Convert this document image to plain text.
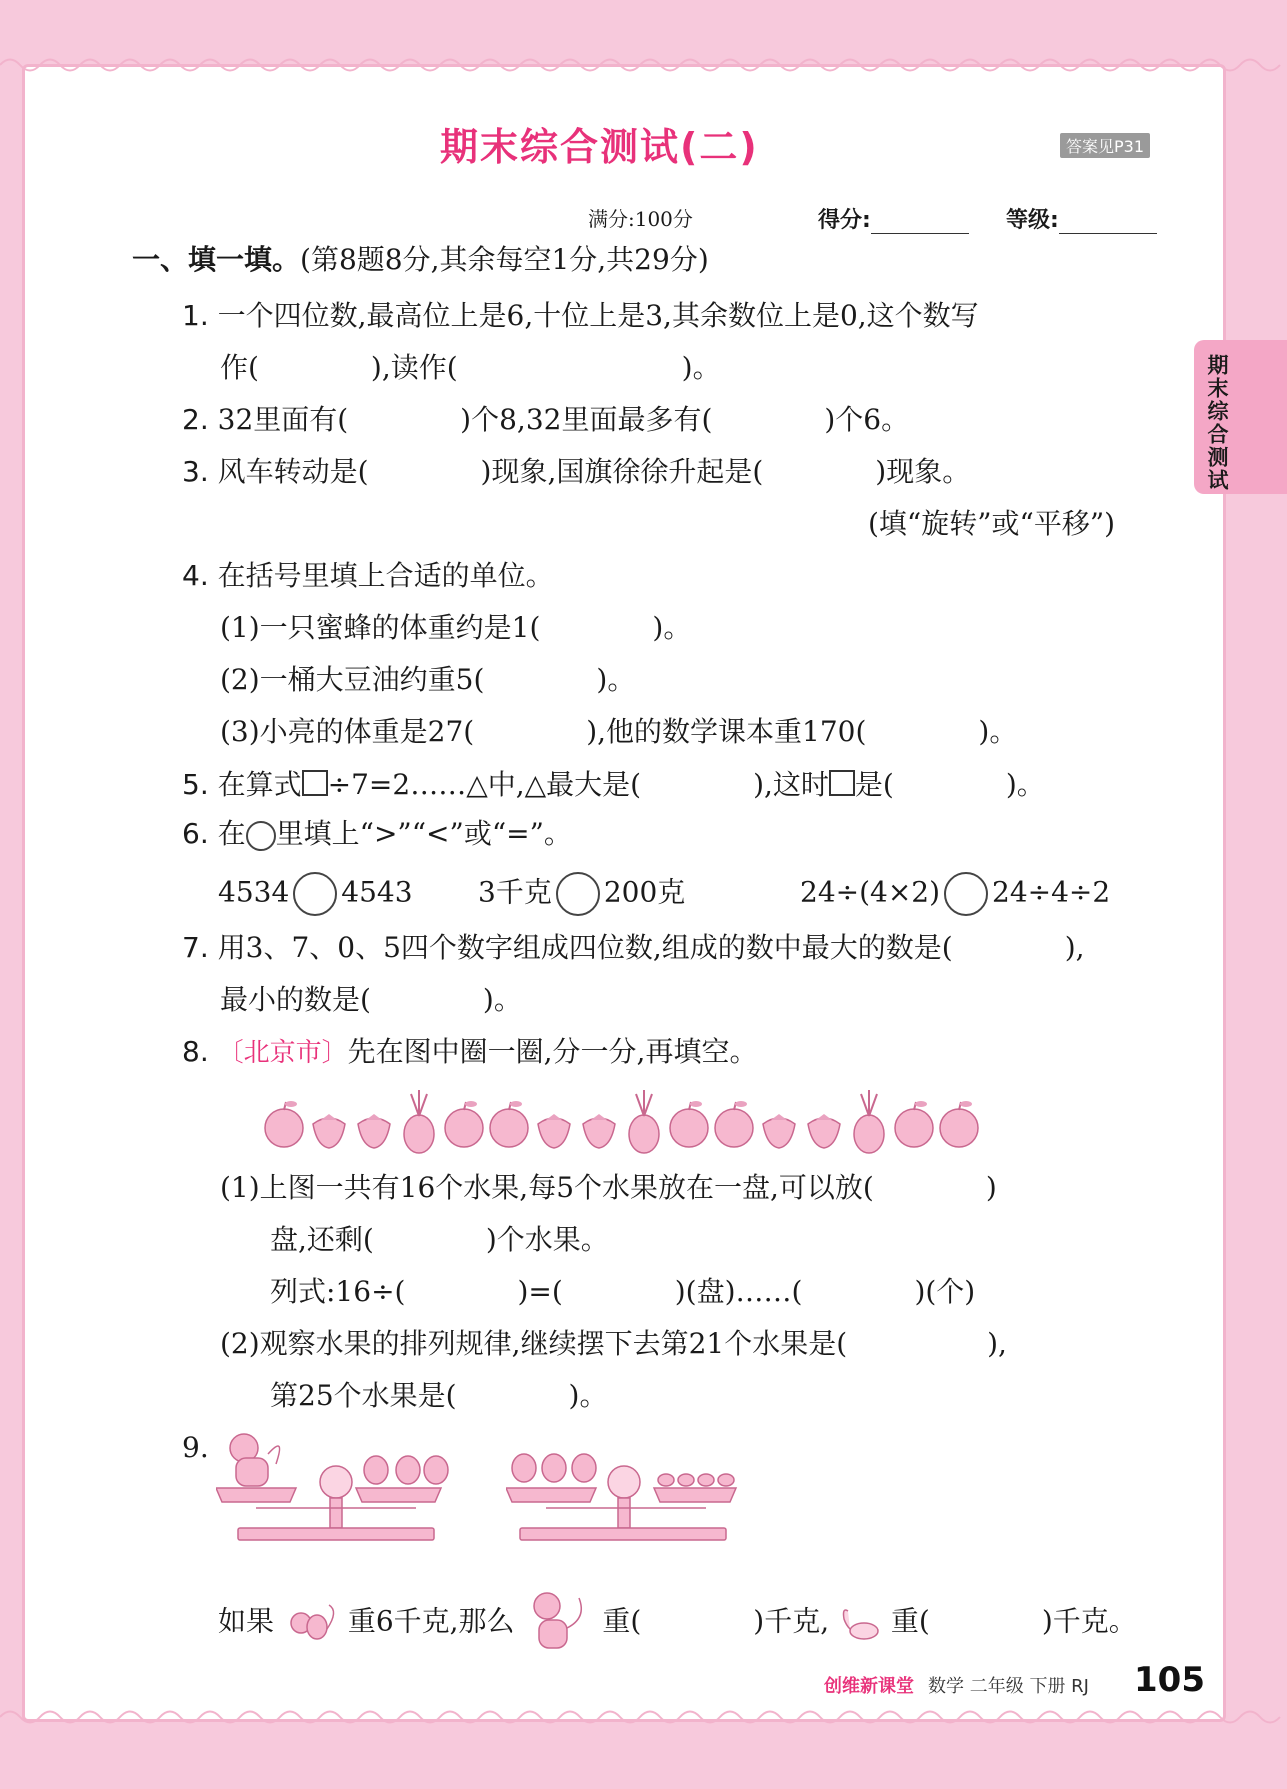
期末综合测试
期末综合测试(二)	答案见P31
满分:100分	得分:	等级:
一、填一填。(第8题8分,其余每空1分,共29分)
1. 一个四位数,最高位上是6,十位上是3,其余数位上是0,这个数写
作(　　　　),读作(　　　　　　　　)。
2. 32里面有(　　　　)个8,32里面最多有(　　　　)个6。
3. 风车转动是(　　　　)现象,国旗徐徐升起是(　　　　)现象。
(填“旋转”或“平移”)
4. 在括号里填上合适的单位。
(1)一只蜜蜂的体重约是1(　　　　)。
(2)一桶大豆油约重5(　　　　)。
(3)小亮的体重是27(　　　　),他的数学课本重170(　　　　)。
5. 在算式 ÷7=2……△中,△最大是(　　　　),这时 是(　　　　)。
6. 在 里填上“>”“<”或“=”。
4534 4543 3千克 200克	24÷(4×2) 24÷4÷2
7. 用3、7、0、5四个数字组成四位数,组成的数中最大的数是(　　　　),
最小的数是(　　　　)。
8. 〔北京市〕先在图中圈一圈,分一分,再填空。
(1)上图一共有16个水果,每5个水果放在一盘,可以放(　　　　)
盘,还剩(　　　　)个水果。
列式:16÷(　　　　)=(　　　　)(盘)……(　　　　)(个)
(2)观察水果的排列规律,继续摆下去第21个水果是(　　　　　),
第25个水果是(　　　　)。
9.
如果	重6千克,那么	重(　　　　)千克, 重(　　　　)千克。
创维新课堂 数学 二年级 下册 RJ 105
